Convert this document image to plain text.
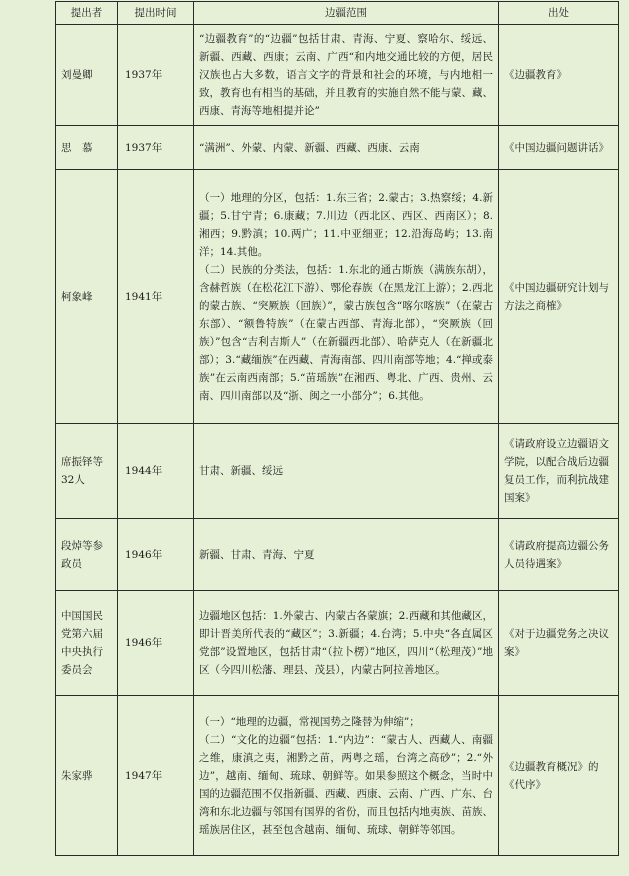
提出者	提出时间	边疆范围	出处
刘曼卿	1937年	“边疆教育”的“边疆”包括甘肃、青海、宁夏、察哈尔、绥远、新疆、西藏、西康；云南、广西“和内地交通比较的方便，居民汉族也占大多数，语言文字的背景和社会的环境，与内地相一致，教育也有相当的基础，并且教育的实施自然不能与蒙、藏、西康、青海等地相提并论”	《边疆教育》
思　慕	1937年	“满洲”、外蒙、内蒙、新疆、西藏、西康、云南	《中国边疆问题讲话》
柯象峰	1941年	（一）地理的分区，包括：1.东三省；2.蒙古；3.热察绥；4.新疆；5.甘宁青；6.康藏；7.川边（西北区、西区、西南区）；8.湘西；9.黔滇；10.两广；11.中亚细亚；12.沿海岛屿；13.南洋；14.其他。

（二）民族的分类法，包括：1.东北的通古斯族（满族东胡），含赫哲族（在松花江下游）、鄂伦春族（在黑龙江上游）；2.西北的蒙古族、“突厥族（回族）”，蒙古族包含“喀尔喀族”（在蒙古东部）、“额鲁特族”（在蒙古西部、青海北部），“突厥族（回族）”包含“吉利吉斯人”（在新疆西北部）、哈萨克人（在新疆北部）；3.“藏缅族”在西藏、青海南部、四川南部等地；4.“掸或泰族”在云南西南部；5.“苗瑶族”在湘西、粤北、广西、贵州、云南、四川南部以及“浙、闽之一小部分”；6.其他。	《中国边疆研究计划与方法之商榷》
席振铎等32人	1944年	甘肃、新疆、绥远	《请政府设立边疆语文学院，以配合战后边疆复员工作，而利抗战建国案》
段焯等参政员	1946年	新疆、甘肃、青海、宁夏	《请政府提高边疆公务人员待遇案》
中国国民党第六届中央执行委员会	1946年	边疆地区包括：1.外蒙古、内蒙古各蒙旗；2.西藏和其他藏区，即计晋美所代表的“藏区”；3.新疆；4.台湾；5.中央“各直属区党部”设置地区，包括甘肃“（拉卜楞）”地区，四川“（松理茂）”地区（今四川松藩、理县、茂县），内蒙古阿拉善地区。	《对于边疆党务之决议案》
朱家骅	1947年	（一）“地理的边疆，常视国势之隆替为伸缩”；

（二）“文化的边疆”包括：1.“内边”：“蒙古人、西藏人、南疆之维，康滇之夷，湘黔之苗，两粤之瑶，台湾之高砂”；2.“外边”，越南、缅甸、琉球、朝鲜等。如果参照这个概念，当时中国的边疆范围不仅指新疆、西藏、西康、云南、广西、广东、台湾和东北边疆与邻国有国界的省份，而且包括内地夷族、苗族、瑶族居住区，甚至包含越南、缅甸、琉球、朝鲜等邻国。	《边疆教育概况》的《代序》
